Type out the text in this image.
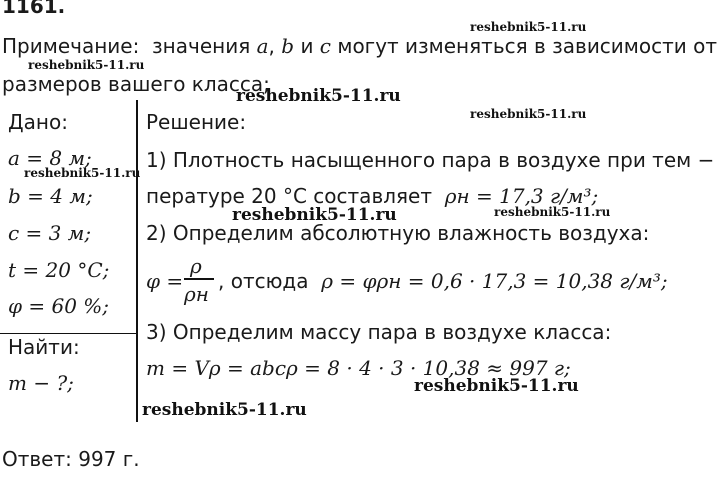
1161.
Примечание: значения a, b и c могут изменяться в зависимости от
размеров вашего класса;
Дано:
a = 8 м;
b = 4 м;
c = 3 м;
t = 20 °C;
φ = 60 %;
Найти:
m − ?;
Решение:
1) Плотность насыщенного пара в воздухе при тем −
пературе 20 °C составляет ρн = 17,3 г/м³;
2) Определим абсолютную влажность воздуха:
φ =
ρ
ρн
, отсюда ρ = φρн = 0,6 · 17,3 = 10,38 г/м³;
3) Определим массу пара в воздухе класса:
m = Vρ = abcρ = 8 · 4 · 3 · 10,38 ≈ 997 г;
Ответ: 997 г.
reshebnik5-11.ru
reshebnik5-11.ru
reshebnik5-11.ru
reshebnik5-11.ru
reshebnik5-11.ru
reshebnik5-11.ru	reshebnik5-11.ru
reshebnik5-11.ru
reshebnik5-11.ru
